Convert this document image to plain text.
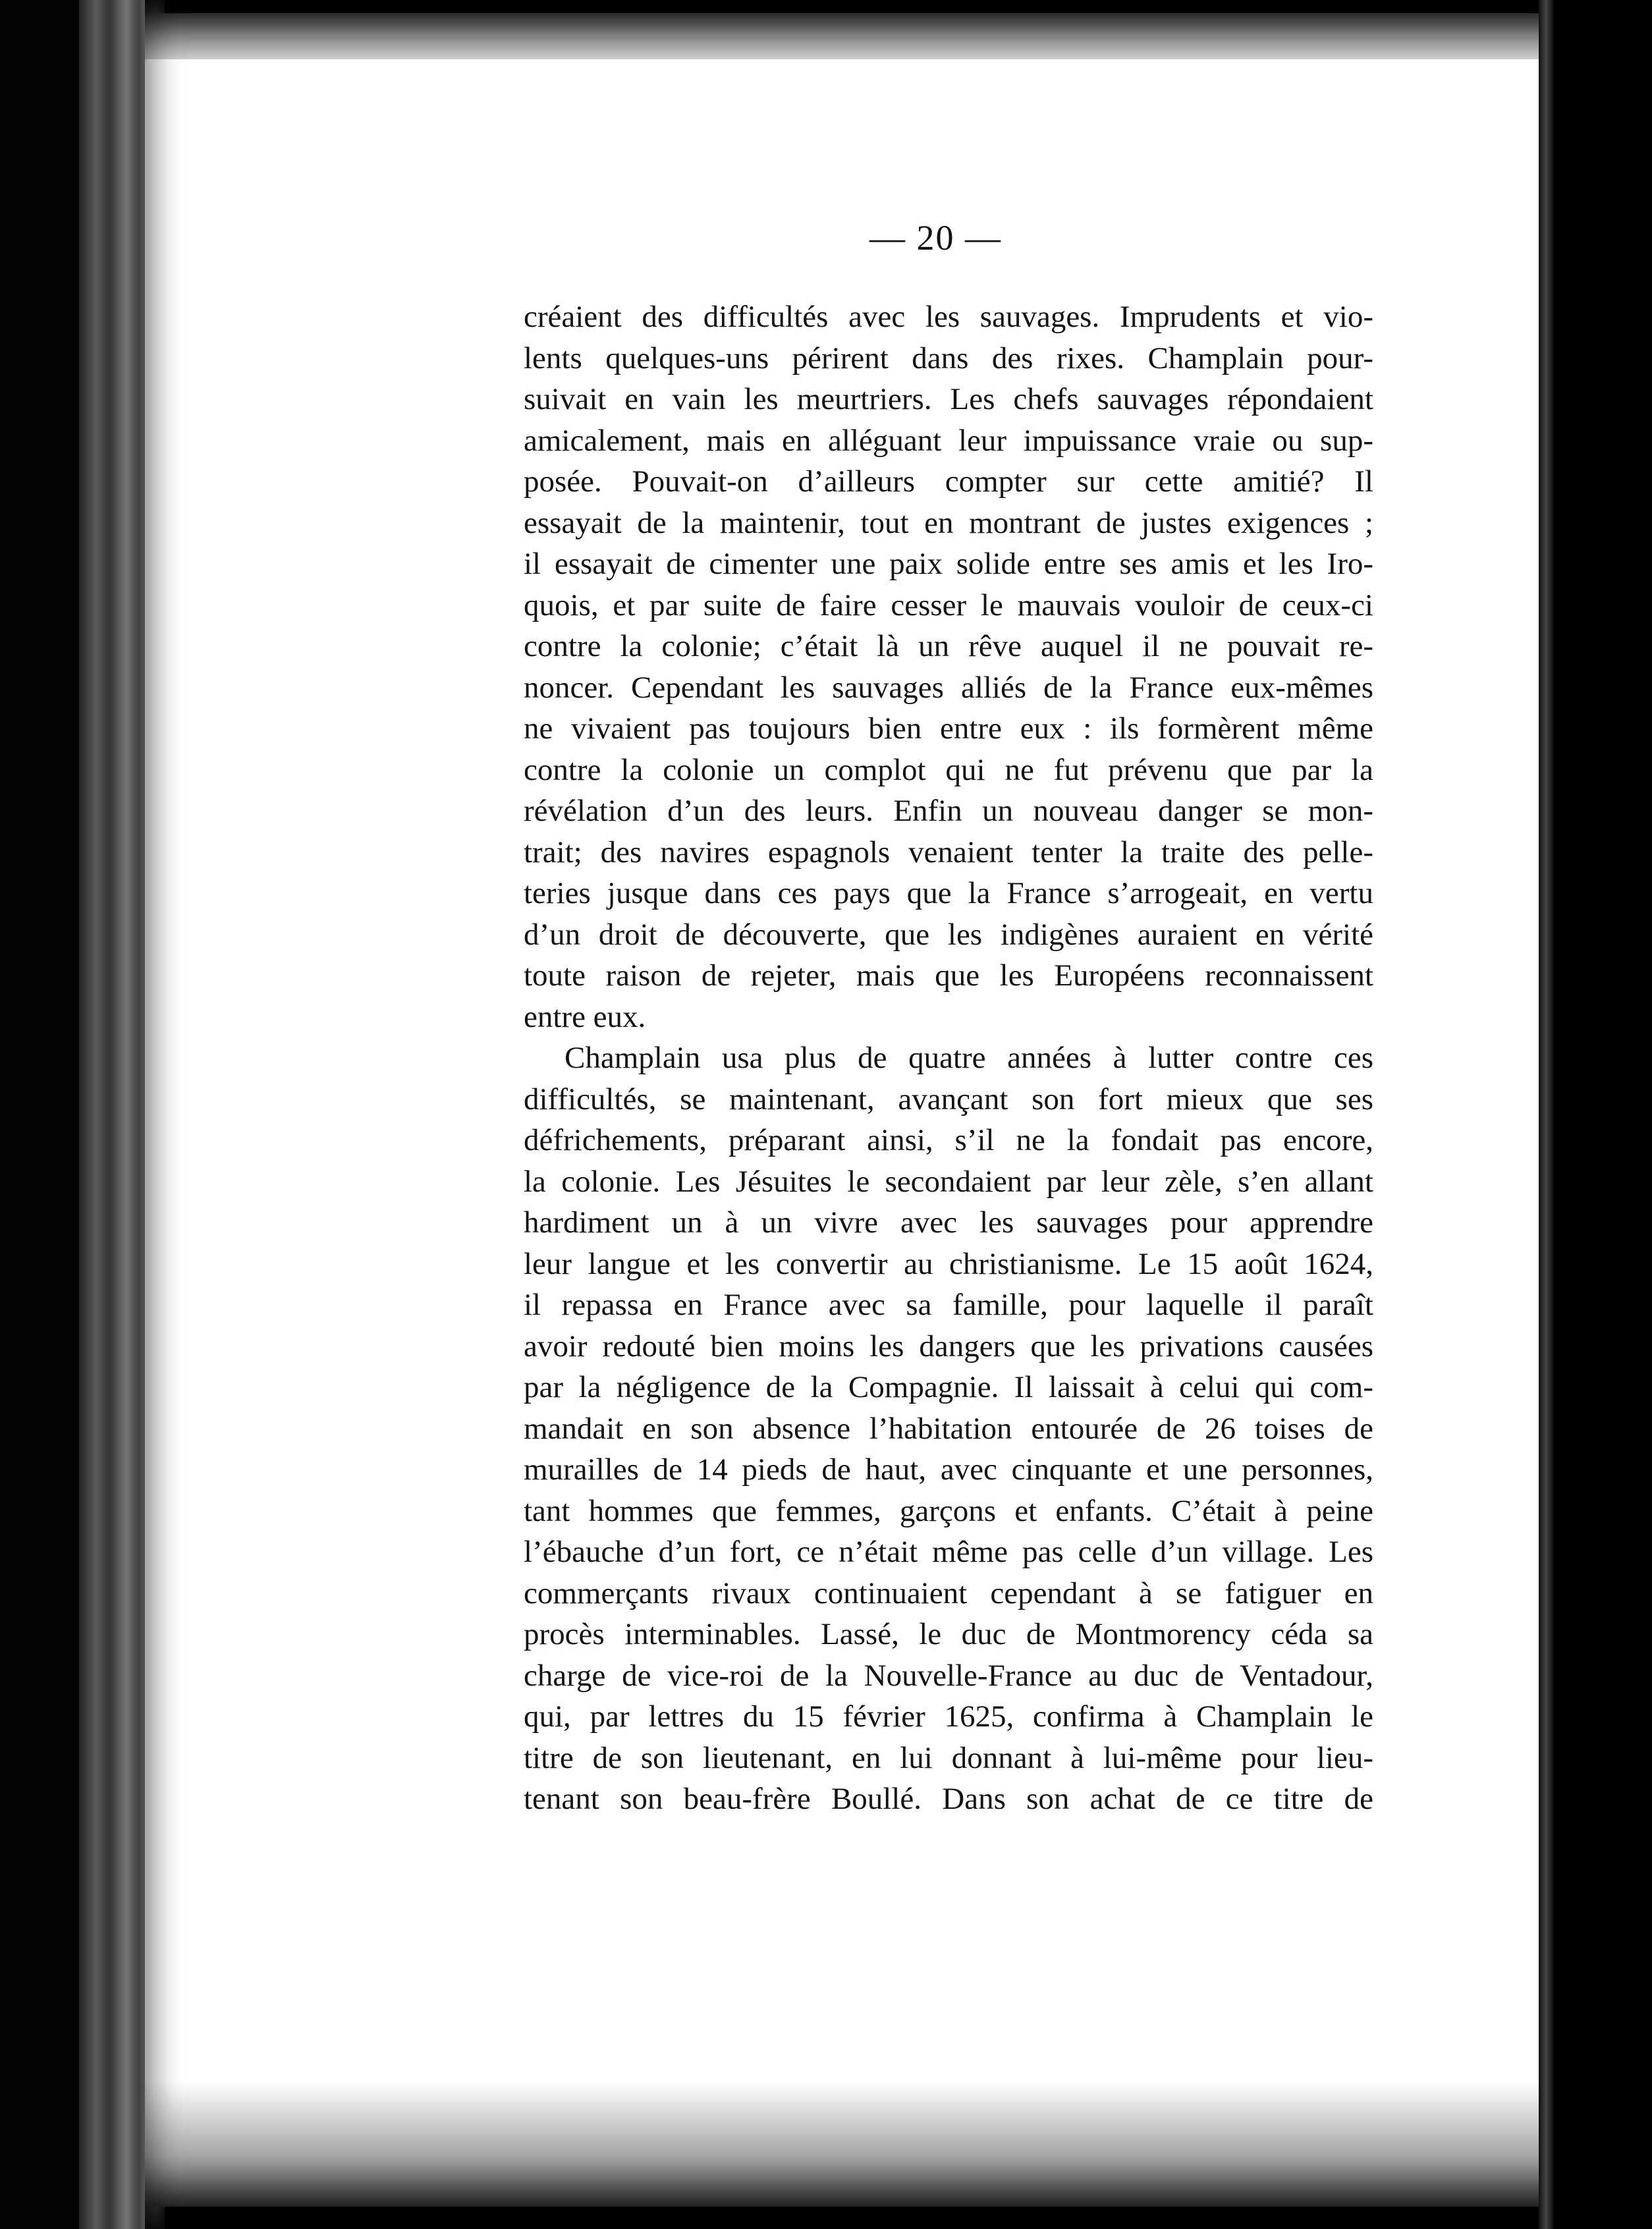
— 20 —
créaient des difficultés avec les sauvages. Imprudents et vio-
lents quelques-uns périrent dans des rixes. Champlain pour-
suivait en vain les meurtriers. Les chefs sauvages répondaient
amicalement, mais en alléguant leur impuissance vraie ou sup-
posée. Pouvait-on d’ailleurs compter sur cette amitié? Il
essayait de la maintenir, tout en montrant de justes exigences ;
il essayait de cimenter une paix solide entre ses amis et les Iro-
quois, et par suite de faire cesser le mauvais vouloir de ceux-ci
contre la colonie; c’était là un rêve auquel il ne pouvait re-
noncer. Cependant les sauvages alliés de la France eux-mêmes
ne vivaient pas toujours bien entre eux : ils formèrent même
contre la colonie un complot qui ne fut prévenu que par la
révélation d’un des leurs. Enfin un nouveau danger se mon-
trait; des navires espagnols venaient tenter la traite des pelle-
teries jusque dans ces pays que la France s’arrogeait, en vertu
d’un droit de découverte, que les indigènes auraient en vérité
toute raison de rejeter, mais que les Européens reconnaissent
entre eux.
Champlain usa plus de quatre années à lutter contre ces
difficultés, se maintenant, avançant son fort mieux que ses
défrichements, préparant ainsi, s’il ne la fondait pas encore,
la colonie. Les Jésuites le secondaient par leur zèle, s’en allant
hardiment un à un vivre avec les sauvages pour apprendre
leur langue et les convertir au christianisme. Le 15 août 1624,
il repassa en France avec sa famille, pour laquelle il paraît
avoir redouté bien moins les dangers que les privations causées
par la négligence de la Compagnie. Il laissait à celui qui com-
mandait en son absence l’habitation entourée de 26 toises de
murailles de 14 pieds de haut, avec cinquante et une personnes,
tant hommes que femmes, garçons et enfants. C’était à peine
l’ébauche d’un fort, ce n’était même pas celle d’un village. Les
commerçants rivaux continuaient cependant à se fatiguer en
procès interminables. Lassé, le duc de Montmorency céda sa
charge de vice-roi de la Nouvelle-France au duc de Ventadour,
qui, par lettres du 15 février 1625, confirma à Champlain le
titre de son lieutenant, en lui donnant à lui-même pour lieu-
tenant son beau-frère Boullé. Dans son achat de ce titre de
